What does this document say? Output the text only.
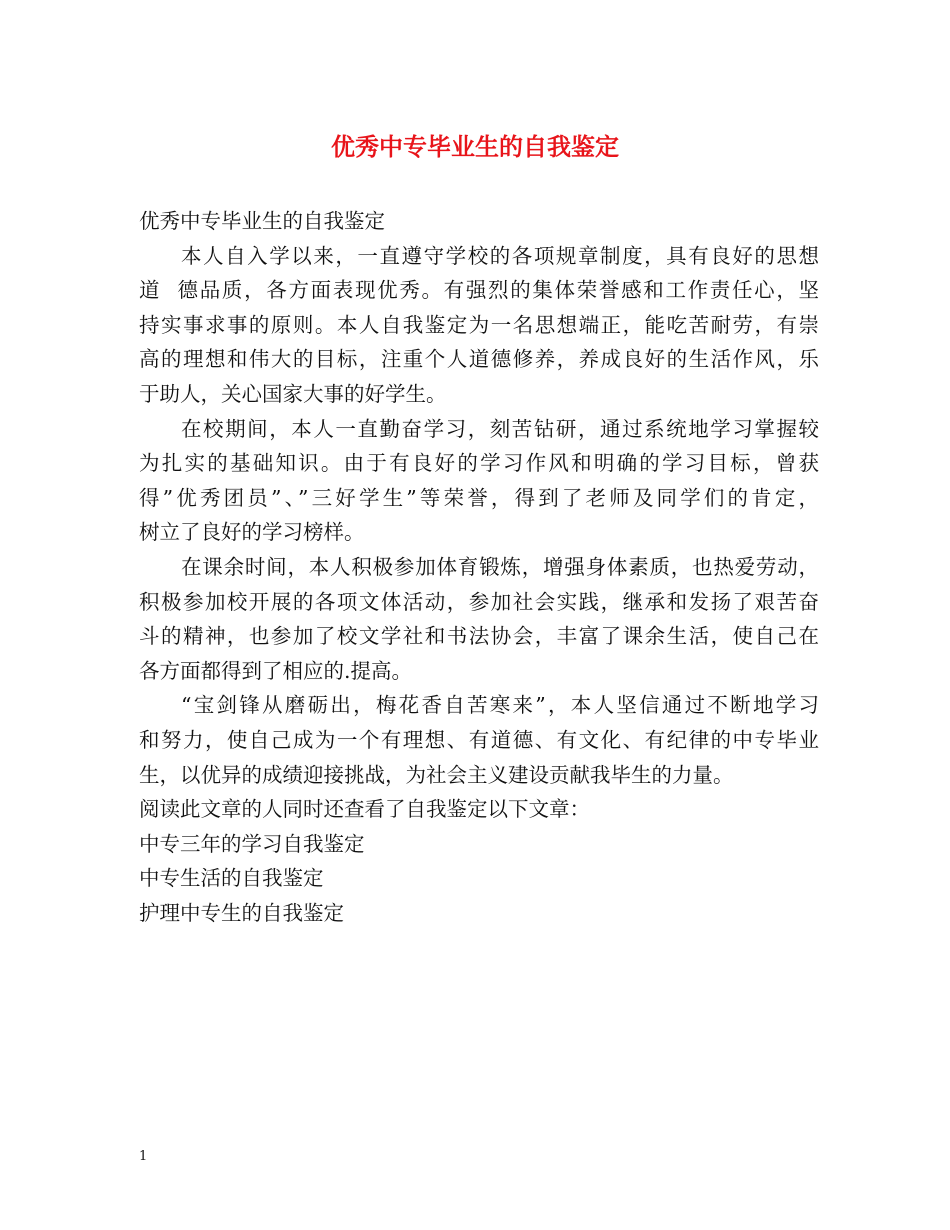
优秀中专毕业生的自我鉴定
优秀中专毕业生的自我鉴定
本人自入学以来，一直遵守学校的各项规章制度，具有良好的思想
道  德品质，各方面表现优秀。有强烈的集体荣誉感和工作责任心，坚
持实事求事的原则。本人自我鉴定为一名思想端正，能吃苦耐劳，有崇
高的理想和伟大的目标，注重个人道德修养，养成良好的生活作风，乐
于助人，关心国家大事的好学生。
在校期间，本人一直勤奋学习，刻苦钻研，通过系统地学习掌握较
为扎实的基础知识。由于有良好的学习作风和明确的学习目标，曾获
得”优秀团员”、”三好学生”等荣誉，得到了老师及同学们的肯定，
树立了良好的学习榜样。
在课余时间，本人积极参加体育锻炼，增强身体素质，也热爱劳动，
积极参加校开展的各项文体活动，参加社会实践，继承和发扬了艰苦奋
斗的精神，也参加了校文学社和书法协会，丰富了课余生活，使自己在
各方面都得到了相应的.提高。
“宝剑锋从磨砺出，梅花香自苦寒来”，本人坚信通过不断地学习
和努力，使自己成为一个有理想、有道德、有文化、有纪律的中专毕业
生，以优异的成绩迎接挑战，为社会主义建设贡献我毕生的力量。
阅读此文章的人同时还查看了自我鉴定以下文章：
中专三年的学习自我鉴定
中专生活的自我鉴定
护理中专生的自我鉴定
1
